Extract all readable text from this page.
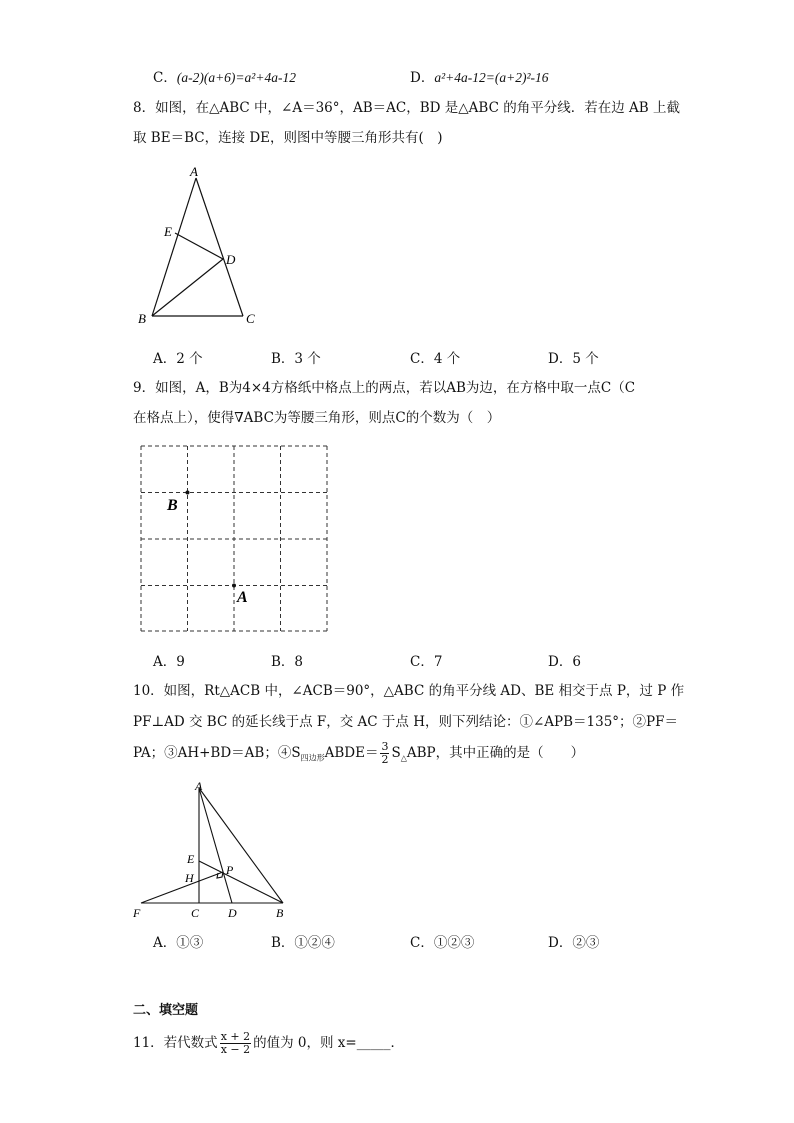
C．(a-2)(a+6)=a²+4a-12	D．a²+4a-12=(a+2)²-16
8．如图，在△ABC 中，∠A＝36°，AB＝AC，BD 是△ABC 的角平分线．若在边 AB 上截
取 BE＝BC，连接 DE，则图中等腰三角形共有(　)
A
E
D
B	C
A．2 个	B．3 个	C．4 个	D．5 个
9．如图，A，B为4×4方格纸中格点上的两点，若以AB为边，在方格中取一点C（C
在格点上），使得∇ABC为等腰三角形，则点C的个数为（　）
B
A
A．9	B．8	C．7	D．6
10．如图，Rt△ACB 中，∠ACB＝90°，△ABC 的角平分线 AD、BE 相交于点 P，过 P 作
PF⊥AD 交 BC 的延长线于点 F，交 AC 于点 H，则下列结论：①∠APB＝135°；②PF＝
PA；③AH+BD＝AB；$④S_{四边形}ABDE= \frac{3}{2} S_\triangle ABP$，其中正确的是（　　）
A
E
H
P
F	C D	B
A．①③	B．①②④	C．①②③	D．②③
二、填空题
11．若代数式 $\frac{x + 2}{x - 2}$ 的值为 0，则 x=_____．
